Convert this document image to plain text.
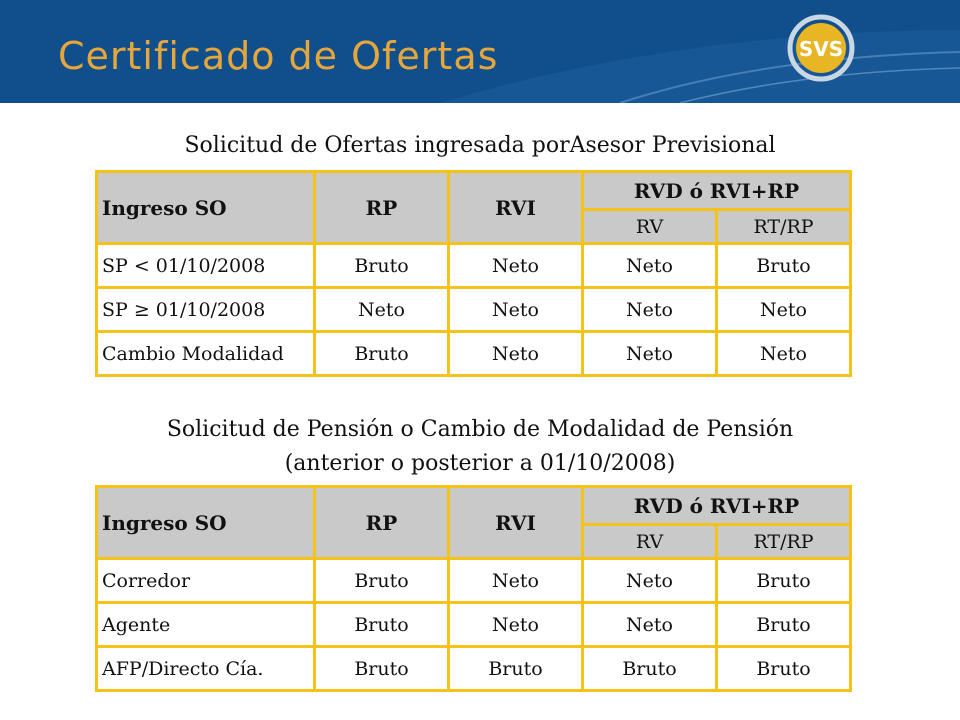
Certificado de Ofertas	SVS
Solicitud de Ofertas ingresada porAsesor Previsional
Ingreso SO	RP	RVI	RVD ó RVI+RP	
			RV	RT/RP
SP < 01/10/2008	Bruto	Neto	Neto	Bruto
SP ≥ 01/10/2008	Neto	Neto	Neto	Neto
Cambio Modalidad	Bruto	Neto	Neto	Neto
Solicitud de Pensión o Cambio de Modalidad de Pensión
(anterior o posterior a 01/10/2008)
Ingreso SO	RP	RVI	RVD ó RVI+RP	
			RV	RT/RP
Corredor	Bruto	Neto	Neto	Bruto
Agente	Bruto	Neto	Neto	Bruto
AFP/Directo Cía.	Bruto	Bruto	Bruto	Bruto
